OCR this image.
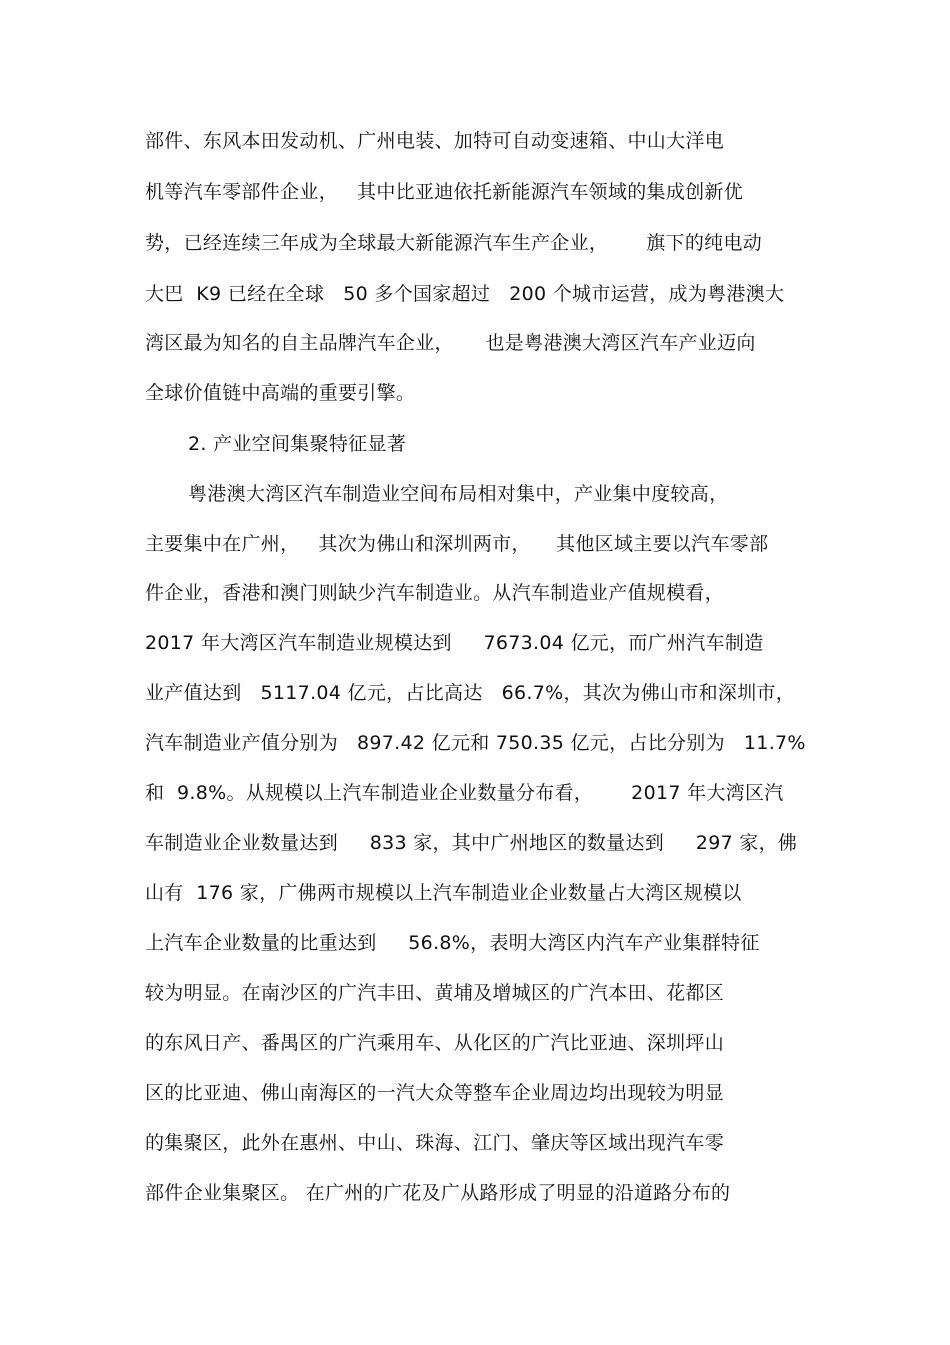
部件、东风本田发动机、广州电装、加特可自动变速箱、中山大洋电
机等汽车零部件企业，   其中比亚迪依托新能源汽车领域的集成创新优
势，已经连续三年成为全球最大新能源汽车生产企业，      旗下的纯电动
大巴  K9 已经在全球   50 多个国家超过   200 个城市运营，成为粤港澳大
湾区最为知名的自主品牌汽车企业，     也是粤港澳大湾区汽车产业迈向
全球价值链中高端的重要引擎。
2. 产业空间集聚特征显著
粤港澳大湾区汽车制造业空间布局相对集中，产业集中度较高，
主要集中在广州，   其次为佛山和深圳两市，    其他区域主要以汽车零部
件企业，香港和澳门则缺少汽车制造业。从汽车制造业产值规模看，
2017 年大湾区汽车制造业规模达到     7673.04 亿元，而广州汽车制造
业产值达到   5117.04 亿元，占比高达   66.7%，其次为佛山市和深圳市，
汽车制造业产值分别为   897.42 亿元和 750.35 亿元，占比分别为   11.7%
和  9.8%。从规模以上汽车制造业企业数量分布看，      2017 年大湾区汽
车制造业企业数量达到     833 家，其中广州地区的数量达到     297 家，佛
山有  176 家，广佛两市规模以上汽车制造业企业数量占大湾区规模以
上汽车企业数量的比重达到     56.8%，表明大湾区内汽车产业集群特征
较为明显。在南沙区的广汽丰田、黄埔及增城区的广汽本田、花都区
的东风日产、番禺区的广汽乘用车、从化区的广汽比亚迪、深圳坪山
区的比亚迪、佛山南海区的一汽大众等整车企业周边均出现较为明显
的集聚区，此外在惠州、中山、珠海、江门、肇庆等区域出现汽车零
部件企业集聚区。 在广州的广花及广从路形成了明显的沿道路分布的
